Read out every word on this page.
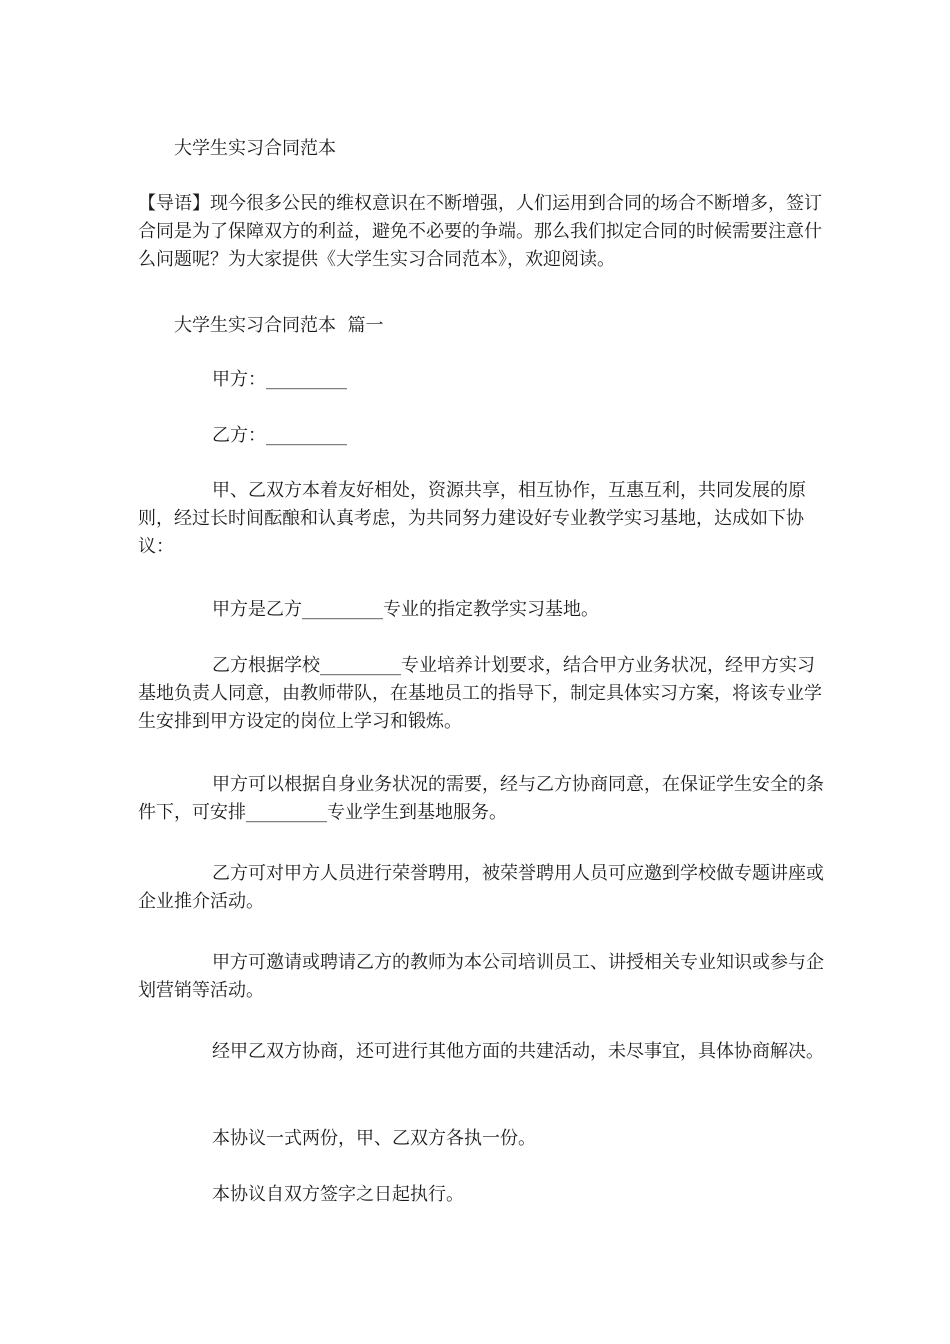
大学生实习合同范本
【导语】现今很多公民的维权意识在不断增强，人们运用到合同的场合不断增多，签订合同是为了保障双方的利益，避免不必要的争端。那么我们拟定合同的时候需要注意什么问题呢？为大家提供《大学生实习合同范本》，欢迎阅读。
大学生实习合同范本  篇一
甲方：_________
乙方：_________
甲、乙双方本着友好相处，资源共享，相互协作，互惠互利，共同发展的原则，经过长时间酝酿和认真考虑，为共同努力建设好专业教学实习基地，达成如下协议：
甲方是乙方_________专业的指定教学实习基地。
乙方根据学校_________专业培养计划要求，结合甲方业务状况，经甲方实习基地负责人同意，由教师带队，在基地员工的指导下，制定具体实习方案，将该专业学生安排到甲方设定的岗位上学习和锻炼。
甲方可以根据自身业务状况的需要，经与乙方协商同意，在保证学生安全的条件下，可安排_________专业学生到基地服务。
乙方可对甲方人员进行荣誉聘用，被荣誉聘用人员可应邀到学校做专题讲座或企业推介活动。
甲方可邀请或聘请乙方的教师为本公司培训员工、讲授相关专业知识或参与企划营销等活动。
经甲乙双方协商，还可进行其他方面的共建活动，未尽事宜，具体协商解决。
本协议一式两份，甲、乙双方各执一份。
本协议自双方签字之日起执行。
